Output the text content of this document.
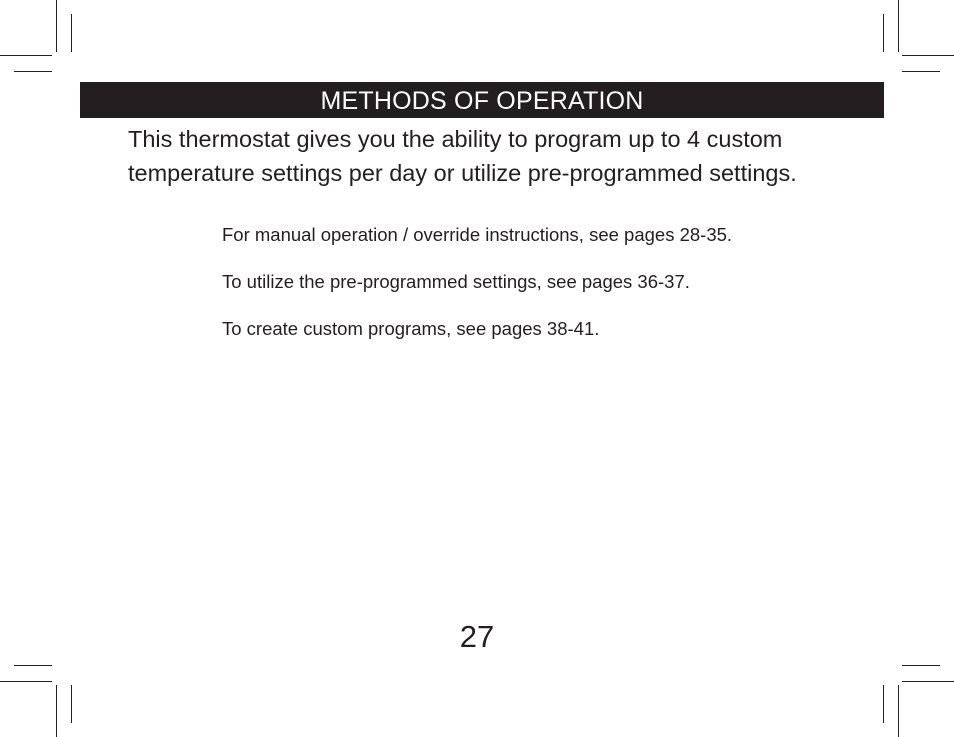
METHODS OF OPERATION

This thermostat gives you the ability to program up to 4 custom temperature settings per day or utilize pre-programmed settings.

For manual operation / override instructions, see pages 28-35.
To utilize the pre-programmed settings, see pages 36-37.
To create custom programs, see pages 38-41.
27
